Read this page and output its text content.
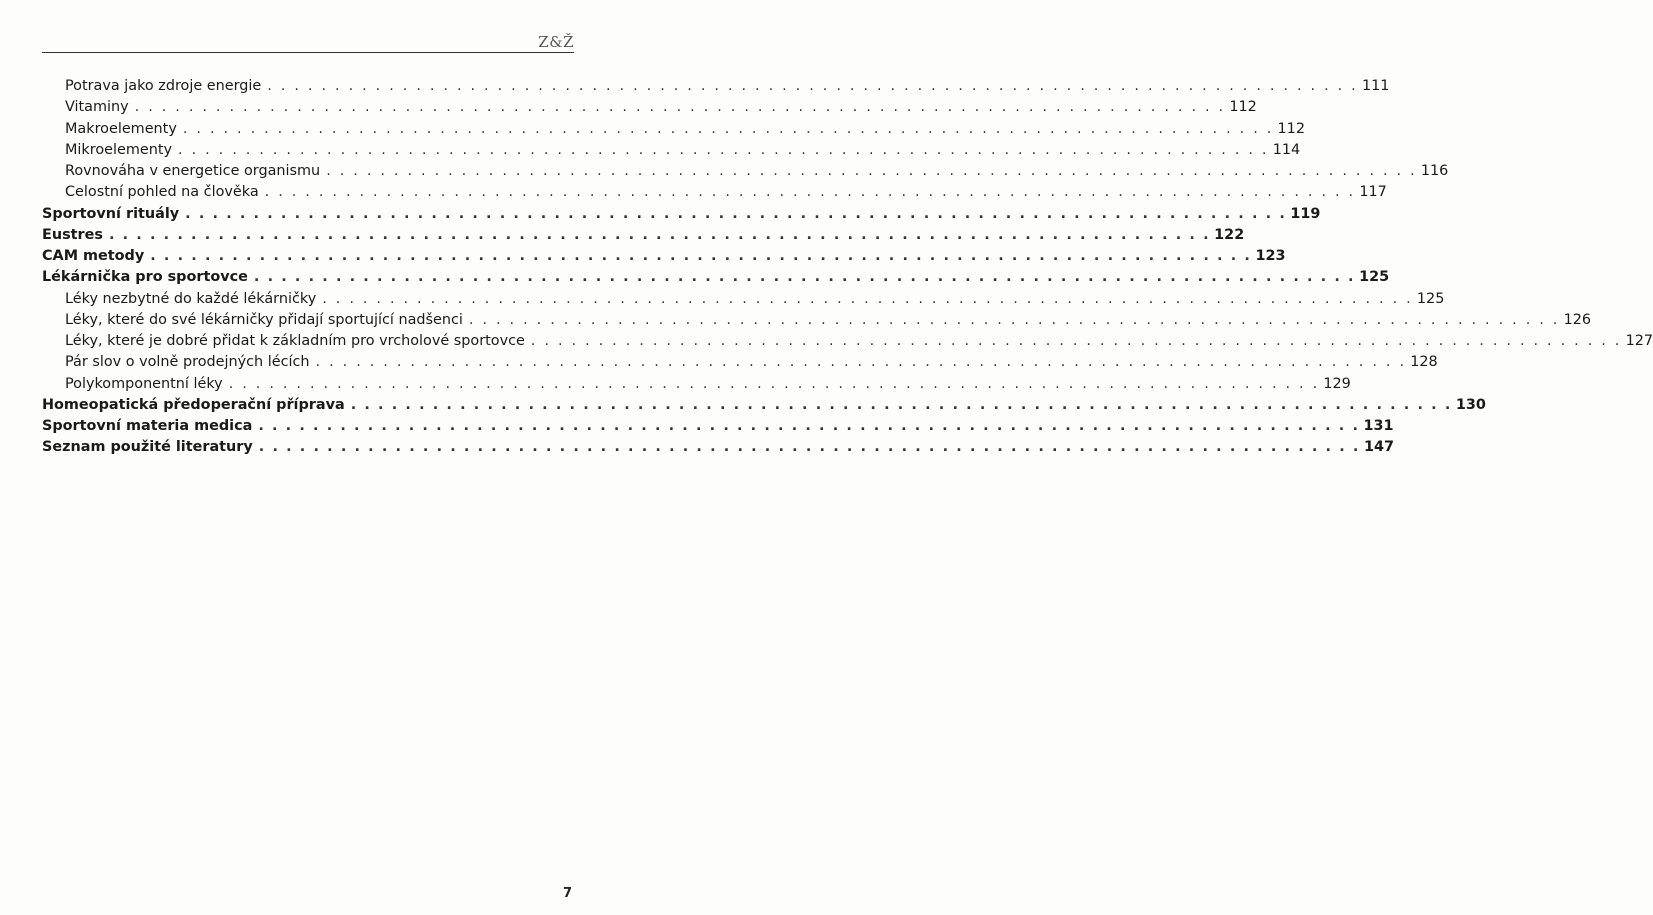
Z&Ž
Potrava jako zdroje energie . . . . . . . . . . . . . . . . . . . . . . . . . . . . . . . . . . . . . . . . . . . . . . . . . . . . . . . . . . . . . . . . . . . . . . . . . . . . . . . . . 111
Vitaminy . . . . . . . . . . . . . . . . . . . . . . . . . . . . . . . . . . . . . . . . . . . . . . . . . . . . . . . . . . . . . . . . . . . . . . . . . . . . . . . . . 112
Makroelementy . . . . . . . . . . . . . . . . . . . . . . . . . . . . . . . . . . . . . . . . . . . . . . . . . . . . . . . . . . . . . . . . . . . . . . . . . . . . . . . . . 112
Mikroelementy . . . . . . . . . . . . . . . . . . . . . . . . . . . . . . . . . . . . . . . . . . . . . . . . . . . . . . . . . . . . . . . . . . . . . . . . . . . . . . . . . 114
Rovnováha v energetice organismu . . . . . . . . . . . . . . . . . . . . . . . . . . . . . . . . . . . . . . . . . . . . . . . . . . . . . . . . . . . . . . . . . . . . . . . . . . . . . . . . . 116
Celostní pohled na člověka . . . . . . . . . . . . . . . . . . . . . . . . . . . . . . . . . . . . . . . . . . . . . . . . . . . . . . . . . . . . . . . . . . . . . . . . . . . . . . . . . 117
Sportovní rituály . . . . . . . . . . . . . . . . . . . . . . . . . . . . . . . . . . . . . . . . . . . . . . . . . . . . . . . . . . . . . . . . . . . . . . . . . . . . . . . . . 119
Eustres . . . . . . . . . . . . . . . . . . . . . . . . . . . . . . . . . . . . . . . . . . . . . . . . . . . . . . . . . . . . . . . . . . . . . . . . . . . . . . . . . 122
CAM metody . . . . . . . . . . . . . . . . . . . . . . . . . . . . . . . . . . . . . . . . . . . . . . . . . . . . . . . . . . . . . . . . . . . . . . . . . . . . . . . . . 123
Lékárnička pro sportovce . . . . . . . . . . . . . . . . . . . . . . . . . . . . . . . . . . . . . . . . . . . . . . . . . . . . . . . . . . . . . . . . . . . . . . . . . . . . . . . . . 125
Léky nezbytné do každé lékárničky . . . . . . . . . . . . . . . . . . . . . . . . . . . . . . . . . . . . . . . . . . . . . . . . . . . . . . . . . . . . . . . . . . . . . . . . . . . . . . . . . 125
Léky, které do své lékárničky přidají sportující nadšenci . . . . . . . . . . . . . . . . . . . . . . . . . . . . . . . . . . . . . . . . . . . . . . . . . . . . . . . . . . . . . . . . . . . . . . . . . . . . . . . . . 126
Léky, které je dobré přidat k základním pro vrcholové sportovce . . . . . . . . . . . . . . . . . . . . . . . . . . . . . . . . . . . . . . . . . . . . . . . . . . . . . . . . . . . . . . . . . . . . . . . . . . . . . . . . . 127
Pár slov o volně prodejných lécích . . . . . . . . . . . . . . . . . . . . . . . . . . . . . . . . . . . . . . . . . . . . . . . . . . . . . . . . . . . . . . . . . . . . . . . . . . . . . . . . . 128
Polykomponentní léky . . . . . . . . . . . . . . . . . . . . . . . . . . . . . . . . . . . . . . . . . . . . . . . . . . . . . . . . . . . . . . . . . . . . . . . . . . . . . . . . . 129
Homeopatická předoperační příprava . . . . . . . . . . . . . . . . . . . . . . . . . . . . . . . . . . . . . . . . . . . . . . . . . . . . . . . . . . . . . . . . . . . . . . . . . . . . . . . . . 130
Sportovní materia medica . . . . . . . . . . . . . . . . . . . . . . . . . . . . . . . . . . . . . . . . . . . . . . . . . . . . . . . . . . . . . . . . . . . . . . . . . . . . . . . . . 131
Seznam použité literatury . . . . . . . . . . . . . . . . . . . . . . . . . . . . . . . . . . . . . . . . . . . . . . . . . . . . . . . . . . . . . . . . . . . . . . . . . . . . . . . . . 147
7
